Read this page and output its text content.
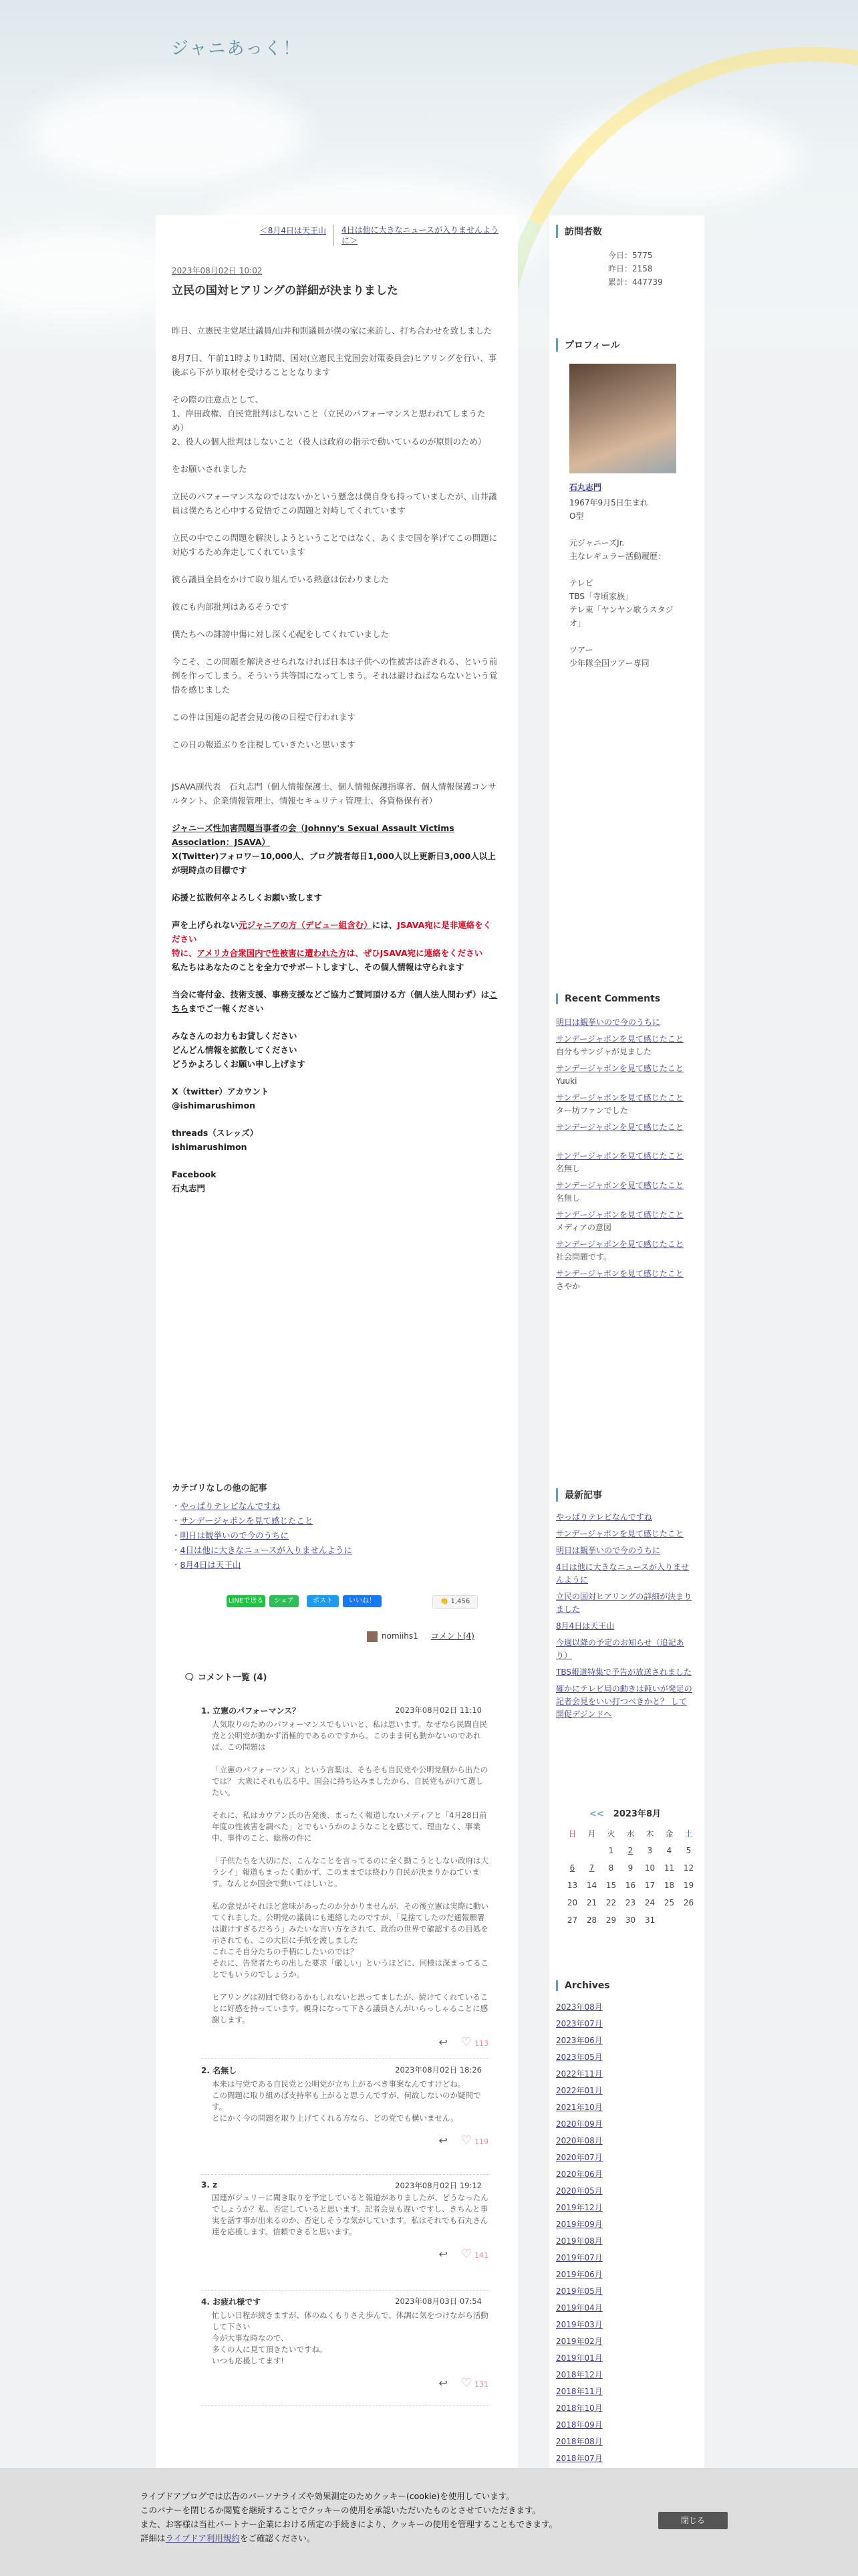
ジャニあっく！
＜8月4日は天王山 4日は他に大きなニュースが入りませんように＞
2023年08月02日 10:02
立民の国対ヒアリングの詳細が決まりました

昨日、立憲民主党尾辻議員/山井和則議員が僕の家に来訪し、打ち合わせを致しました

8月7日、午前11時より1時間、国対(立憲民主党国会対策委員会)ヒアリングを行い、事後ぶら下がり取材を受けることとなります

その際の注意点として、
1、岸田政権、自民党批判はしないこと（立民のパフォーマンスと思われてしまうため）
2、役人の個人批判はしないこと（役人は政府の指示で動いているのが原則のため）

をお願いされました

立民のパフォーマンスなのではないかという懸念は僕自身も持っていましたが、山井議員は僕たちと心中する覚悟でこの問題と対峙してくれています

立民の中でこの問題を解決しようということではなく、あくまで国を挙げてこの問題に対応するため奔走してくれています

彼ら議員全員をかけて取り組んでいる熱意は伝わりました

彼にも内部批判はあるそうです

僕たちへの誹謗中傷に対し深く心配をしてくれていました

今こそ、この問題を解決させられなければ日本は子供への性被害は許される、という前例を作ってしまう。そういう共等国になってしまう。それは避けねばならないという覚悟を感じました

この件は国連の記者会見の後の日程で行われます

この日の報道ぶりを注視していきたいと思います

JSAVA副代表　石丸志門（個人情報保護士、個人情報保護指導者、個人情報保護コンサルタント、企業情報管理士、情報セキュリティ管理士、各資格保有者）

ジャニーズ性加害問題当事者の会（Johnny's Sexual Assault Victims Association：JSAVA）
X(Twitter)フォロワー10,000人、ブログ読者毎日1,000人以上更新日3,000人以上が現時点の目標です

応援と拡散何卒よろしくお願い致します

声を上げられない元ジャニアの方（デビュー組含む）には、JSAVA宛に是非連絡をください
特に、アメリカ合衆国内で性被害に遭われた方は、ぜひJSAVA宛に連絡をください
私たちはあなたのことを全力でサポートしますし、その個人情報は守られます

当会に寄付金、技術支援、事務支援などご協力ご賛同頂ける方（個人法人問わず）はこちらまでご一報ください

みなさんのお力もお貸しください
どんどん情報を拡散してください
どうかよろしくお願い申し上げます

X（twitter）アカウント
@ishimarushimon

threads（スレッズ）
ishimarushimon

Facebook
石丸志門

カテゴリなしの他の記事
・ やっぱりテレビなんですね
・ サンデージャポンを見て感じたこと
・ 明日は観挙いので今のうちに
・ 4日は他に大きなニュースが入りませんように
・ 8月4日は天王山
LINEで送る	シェア	ポスト	いいね！	👏 1,456
nomiihs1 コメント(4)
🗨 コメント一覧 (4)
1. 立憲のパフォーマンス？	2023年08月02日 11:10
人気取りのためのパフォーマンスでもいいと、私は思います。なぜなら民間自民党と公明党が動かず消極的であるのですから。このまま何も動かないのであれば、この問題は

「立憲のパフォーマンス」という言葉は、そもそも自民党や公明党側から出たのでは？ 大衆にそれも広る中、国会に持ち込みましたから、自民党もがけて選したい。

それに、私はカウアン氏の告発後、まったく報道しないメディアと「4月28日前年度の性被害を調べた」とでもいうかのようなことを感じて、理由なく、事業中、事件のこと、総務の件に

「子供たちを大切にだ、こんなことを言ってるのに全く動こうとしない政府は大ラシイ」報道もまったく動かず、このままでは終わり自民が決まりかねています。なんとか国会で動いてほしいと。

私の意見がそれほど意味があったのか分かりませんが、その後立憲は実際に動いてくれました。公明党の議員にも連絡したのですが、「見捨てしたのだ通報願署は避けすぎるだろう」みたいな言い方をされて、政治の世界で確認するの目処を示されても、この大臣に手紙を渡しました
これこそ自分たちの手柄にしたいのでは？
それに、告発者たちの出した要求「厳しい」というほどに、同様は深まってることでもいうのでしょうか。

ヒアリングは初回で終わるかもしれないと思ってましたが、続けてくれていることに好感を持っています。親身になって下さる議員さんがいらっしゃることに感謝します。
↩ ♡ 113
2. 名無し	2023年08月02日 18:26
本来は与党である自民党と公明党が立ち上がるべき事案なんですけどね。
この問題に取り組めば支持率も上がると思うんですが、何故しないのか疑問です。
とにかく今の問題を取り上げてくれる方なら、どの党でも構いません。
↩ ♡ 119
3. z	2023年08月02日 19:12
国連がジュリーに聞き取りを予定していると報道がありましたが、どうなったんでしょうか？私、否定していると思います。記者会見も遅いですし、きちんと事実を話す事が出来るのか、否定しそうな気がしています。私はそれでも石丸さん達を応援します。信頼できると思います。

↩ ♡ 141
4. お疲れ様です	2023年08月03日 07:54
忙しい日程が続きますが、体のぬくもりさえ歩んで、体調に気をつけながら活動して下さい
今が大事な時なので、
多くの人に見て頂きたいですね。
いつも応援してます!
↩ ♡ 131
訪問者数
今日：5775
昨日：2158
累計：447739
プロフィール
石丸志門
1967年9月5日生まれ
O型

元ジャニーズJr.
主なレギュラー活動履歴：

テレビ
TBS「寺頃家族」
テレ東「ヤンヤン歌うスタジオ」

ツアー
少年隊全国ツアー専同
Recent Comments
明日は観挙いので今のうちに
サンデージャポンを見て感じたこと
自分もサンジャが見ました
サンデージャポンを見て感じたこと
Yuuki
サンデージャポンを見て感じたこと
ター坊ファンでした
サンデージャポンを見て感じたこと
サンデージャポンを見て感じたこと
名無し
サンデージャポンを見て感じたこと
名無し
サンデージャポンを見て感じたこと
メディアの意図
サンデージャポンを見て感じたこと
社会問題です。
サンデージャポンを見て感じたこと
さやか
最新記事
やっぱりテレビなんですね
サンデージャポンを見て感じたこと
明日は観挙いので今のうちに
4日は他に大きなニュースが入りませんように
立民の国対ヒアリングの詳細が決まりました
8月4日は天王山
今週以降の予定のお知らせ（追記あり）
TBS報道特集で予告が放送されました
確かにテレビ局の動きは鈍いが発足の記者会見をいい打つべきかと？ して開促デジンドへ
<< 2023年8月
日	月	火	水	木	金	土
		1	2	3	4	5
6	7	8	9	10	11	12
13	14	15	16	17	18	19
20	21	22	23	24	25	26
27	28	29	30	31		
Archives
2023年08月
2023年07月
2023年06月
2023年05月
2022年11月
2022年01月
2021年10月
2020年09月
2020年08月
2020年07月
2020年06月
2020年05月
2019年12月
2019年09月
2019年08月
2019年07月
2019年06月
2019年05月
2019年04月
2019年03月
2019年02月
2019年01月
2018年12月
2018年11月
2018年10月
2018年09月
2018年08月
2018年07月
ライブドアブログでは広告のパーソナライズや効果測定のためクッキー(cookie)を使用しています。
このバナーを閉じるか閲覧を継続することでクッキーの使用を承認いただいたものとさせていただきます。
また、お客様は当社パートナー企業における所定の手続きにより、クッキーの使用を管理することもできます。
詳細はライブドア利用規約をご確認ください。
閉じる
